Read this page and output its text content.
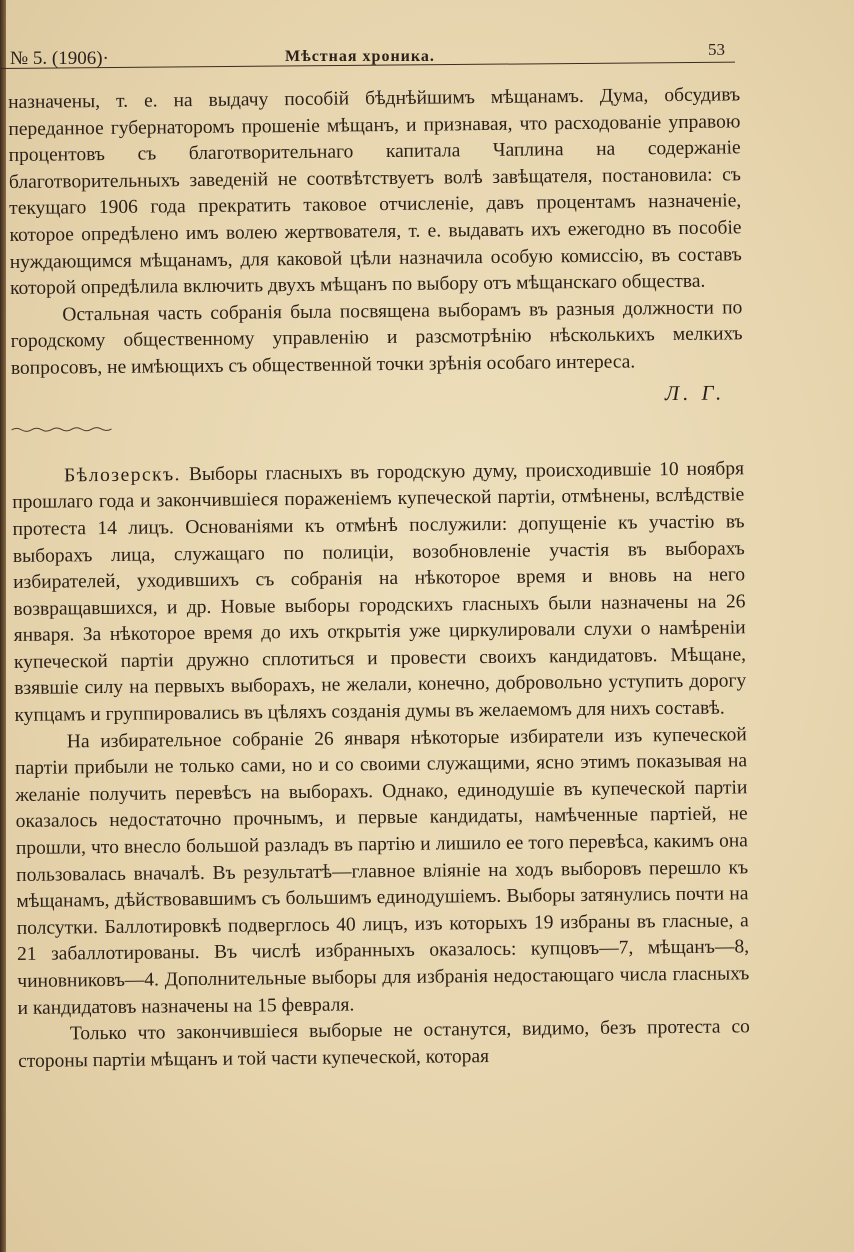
№ 5. (1906)·	Мѣстная хроника.	53

назначены, т. е. на выдачу пособій бѣднѣйшимъ мѣщанамъ. Дума, обсудивъ переданное губернаторомъ прошеніе мѣщанъ, и признавая, что расходованіе управою процентовъ съ благотворительнаго капитала Чаплина на содержаніе благотворительныхъ заведеній не соотвѣтствуетъ волѣ завѣщателя, постановила: съ текущаго 1906 года прекратить таковое отчисленіе, давъ процентамъ назначеніе, которое опредѣлено имъ волею жертвователя, т. е. выдавать ихъ ежегодно въ пособіе нуждающимся мѣщанамъ, для каковой цѣли назначила особую комиссію, въ составъ которой опредѣлила включить двухъ мѣщанъ по выбору отъ мѣщанскаго общества.

Остальная часть собранія была посвящена выборамъ въ разныя должности по городскому общественному управленію и разсмотрѣнію нѣсколькихъ мелкихъ вопросовъ, не имѣющихъ съ общественной точки зрѣнія особаго интереса.

Л. Г.

Бѣлозерскъ. Выборы гласныхъ въ городскую думу, происходившіе 10 ноября прошлаго года и закончившіеся пораженіемъ купеческой партіи, отмѣнены, вслѣдствіе протеста 14 лицъ. Основаніями къ отмѣнѣ послужили: допущеніе къ участію въ выборахъ лица, служащаго по полиціи, возобновленіе участія въ выборахъ избирателей, уходившихъ съ собранія на нѣкоторое время и вновь на него возвращавшихся, и др. Новые выборы городскихъ гласныхъ были назначены на 26 января. За нѣкоторое время до ихъ открытія уже циркулировали слухи о намѣреніи купеческой партіи дружно сплотиться и провести своихъ кандидатовъ. Мѣщане, взявшіе силу на первыхъ выборахъ, не желали, конечно, добровольно уступить дорогу купцамъ и группировались въ цѣляхъ созданія думы въ желаемомъ для нихъ составѣ.

На избирательное собраніе 26 января нѣкоторые избиратели изъ купеческой партіи прибыли не только сами, но и со своими служащими, ясно этимъ показывая на желаніе получить перевѣсъ на выборахъ. Однако, единодушіе въ купеческой партіи оказалось недостаточно прочнымъ, и первые кандидаты, намѣченные партіей, не прошли, что внесло большой разладъ въ партію и лишило ее того перевѣса, какимъ она пользовалась вначалѣ. Въ результатѣ—главное вліяніе на ходъ выборовъ перешло къ мѣщанамъ, дѣйствовавшимъ съ большимъ единодушіемъ. Выборы затянулись почти на полсутки. Баллотировкѣ подверглось 40 лицъ, изъ которыхъ 19 избраны въ гласные, а 21 забаллотированы. Въ числѣ избранныхъ оказалось: купцовъ—7, мѣщанъ—8, чиновниковъ—4. Дополнительные выборы для избранія недостающаго числа гласныхъ и кандидатовъ назначены на 15 февраля.

Только что закончившіеся выборые не останутся, видимо, безъ протеста со стороны партіи мѣщанъ и той части купеческой, которая
